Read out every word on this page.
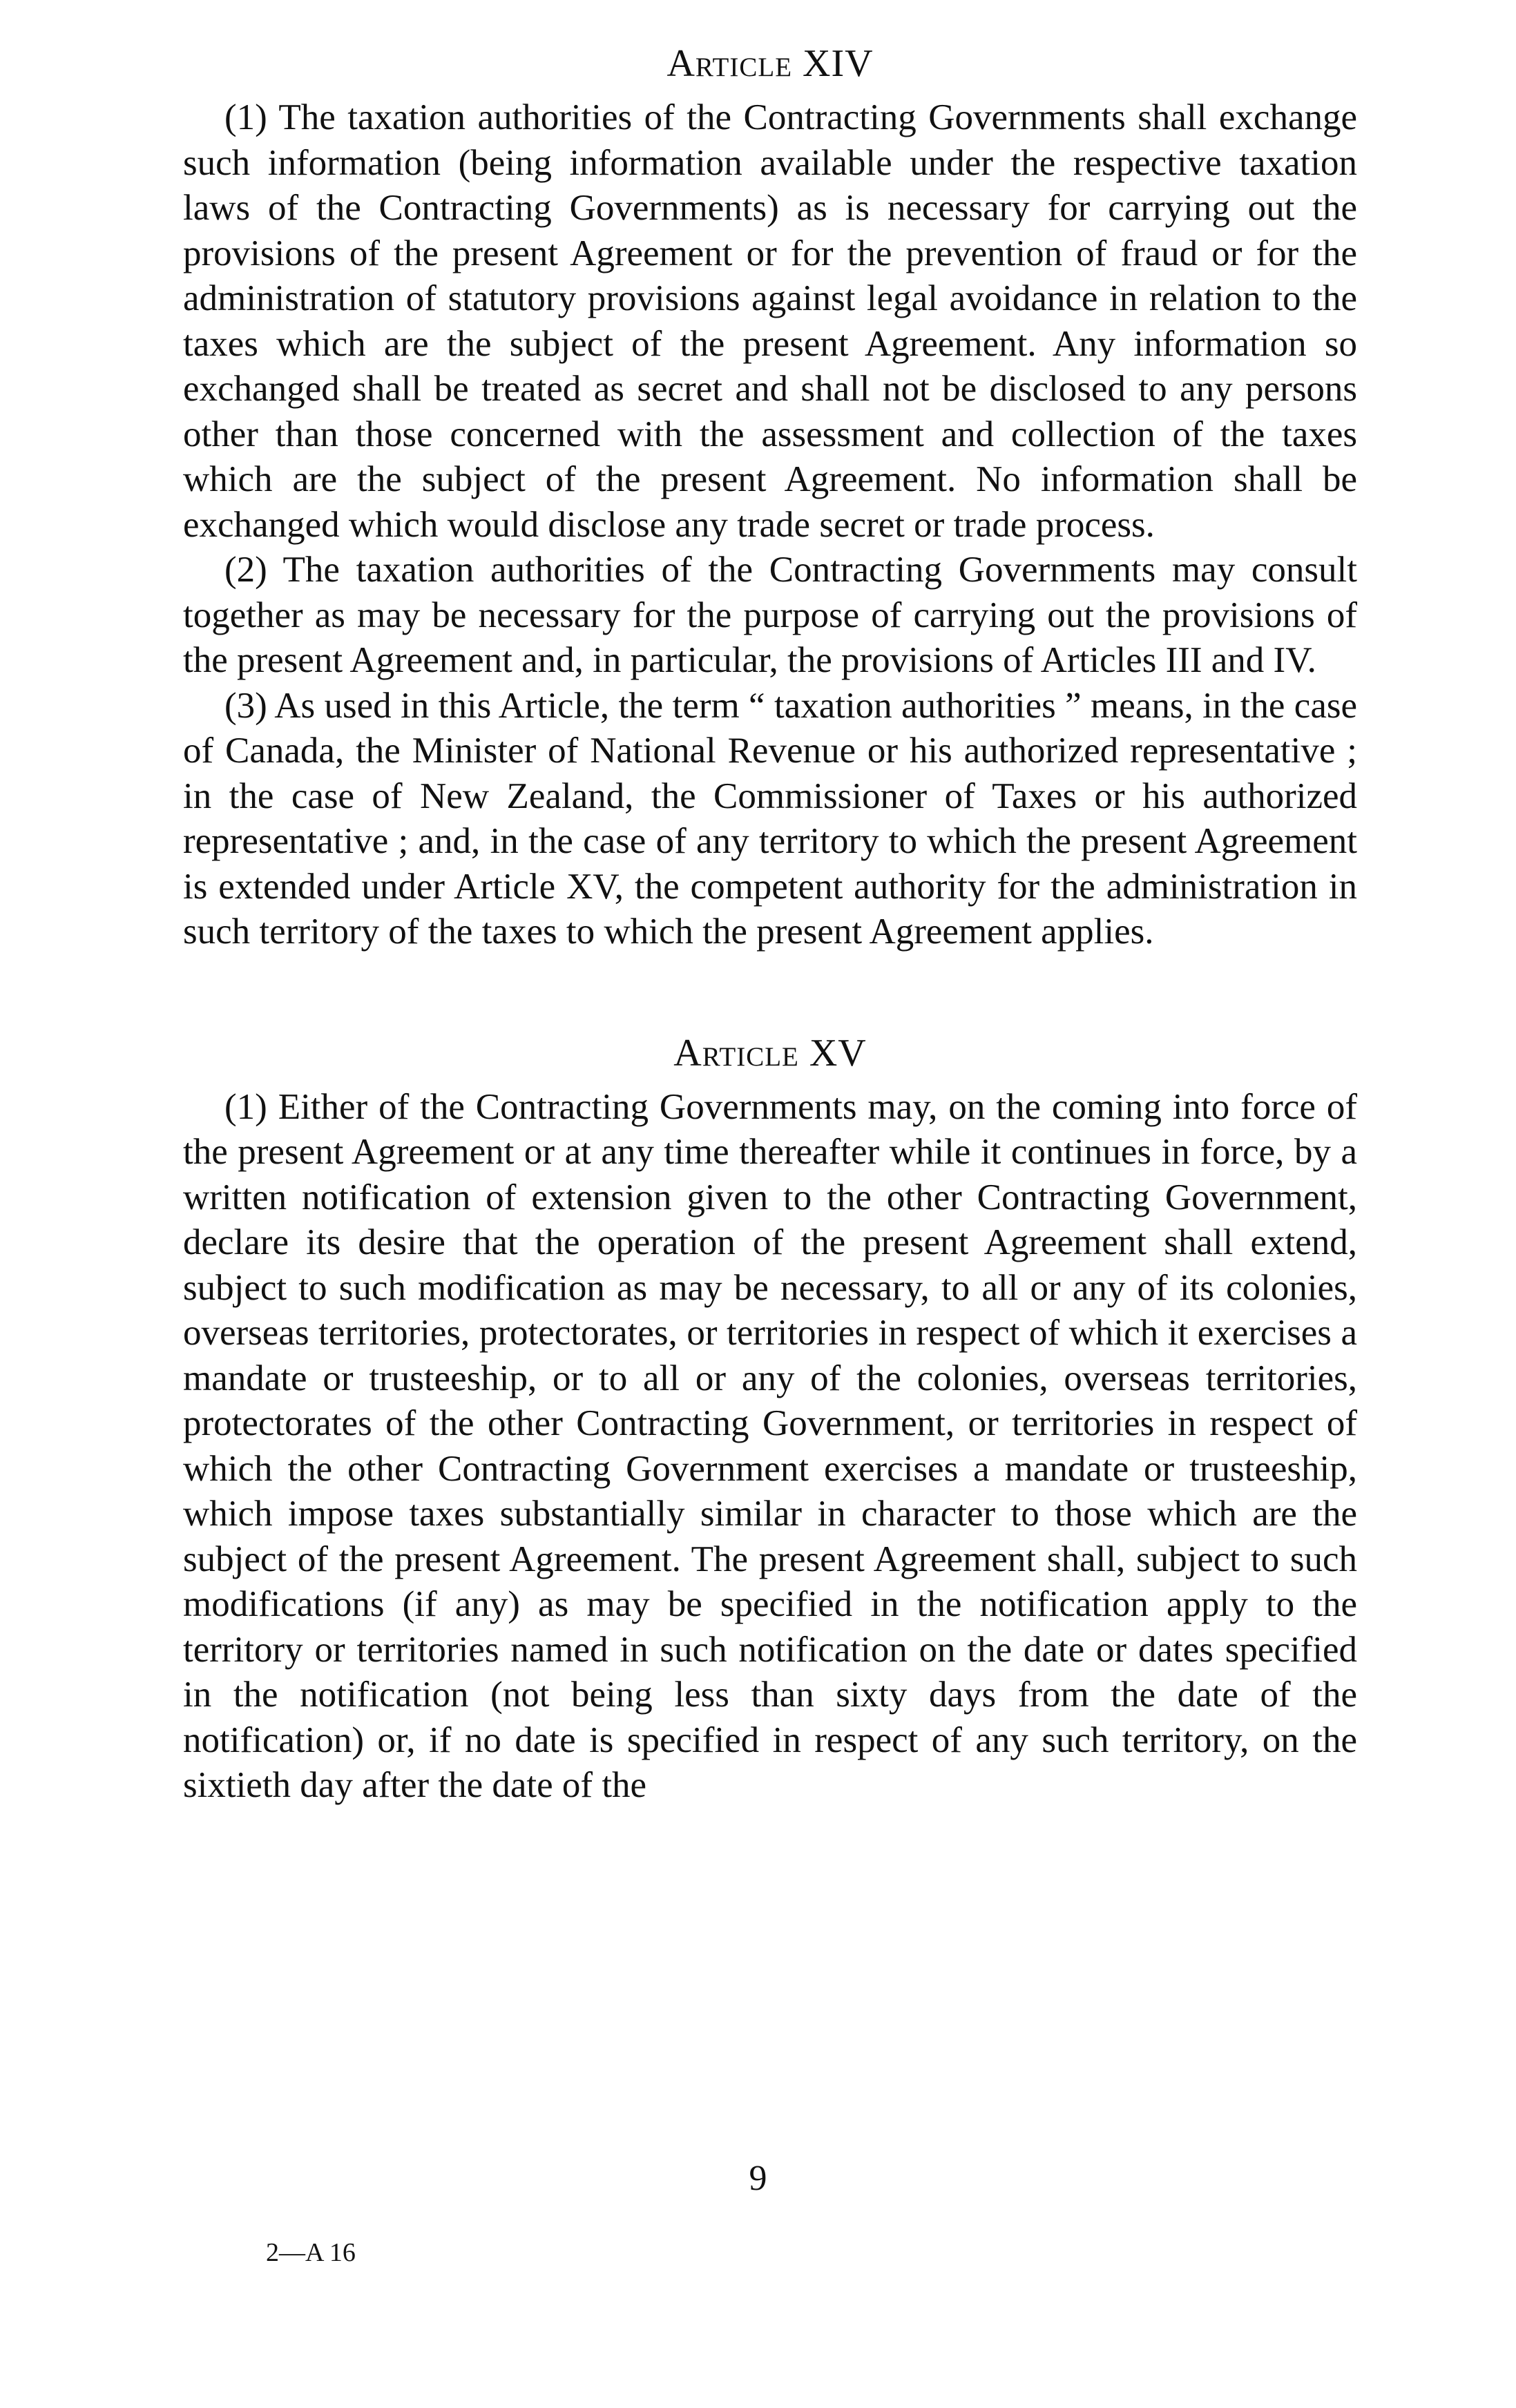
Article XIV

(1) The taxation authorities of the Contracting Governments shall exchange such information (being information available under the respective taxation laws of the Contracting Governments) as is necessary for carrying out the provisions of the present Agreement or for the prevention of fraud or for the administration of statutory provisions against legal avoidance in relation to the taxes which are the subject of the present Agreement. Any information so exchanged shall be treated as secret and shall not be disclosed to any persons other than those concerned with the assessment and collection of the taxes which are the subject of the present Agreement. No information shall be exchanged which would disclose any trade secret or trade process.

(2) The taxation authorities of the Contracting Governments may consult together as may be necessary for the purpose of carrying out the provisions of the present Agreement and, in particular, the provisions of Articles III and IV.

(3) As used in this Article, the term “ taxation authorities ” means, in the case of Canada, the Minister of National Revenue or his authorized representative ; in the case of New Zealand, the Commissioner of Taxes or his authorized representative ; and, in the case of any territory to which the present Agreement is extended under Article XV, the competent authority for the administration in such territory of the taxes to which the present Agreement applies.

Article XV

(1) Either of the Contracting Governments may, on the coming into force of the present Agreement or at any time thereafter while it continues in force, by a written notification of extension given to the other Contracting Government, declare its desire that the operation of the present Agreement shall extend, subject to such modification as may be necessary, to all or any of its colonies, overseas territories, protectorates, or territories in respect of which it exercises a mandate or trusteeship, or to all or any of the colonies, overseas territories, protectorates of the other Contracting Government, or territories in respect of which the other Contracting Government exercises a mandate or trusteeship, which impose taxes substantially similar in character to those which are the subject of the present Agreement. The present Agreement shall, subject to such modifications (if any) as may be specified in the notification apply to the territory or territories named in such notification on the date or dates specified in the notification (not being less than sixty days from the date of the notification) or, if no date is specified in respect of any such territory, on the sixtieth day after the date of the

9
2—A 16
